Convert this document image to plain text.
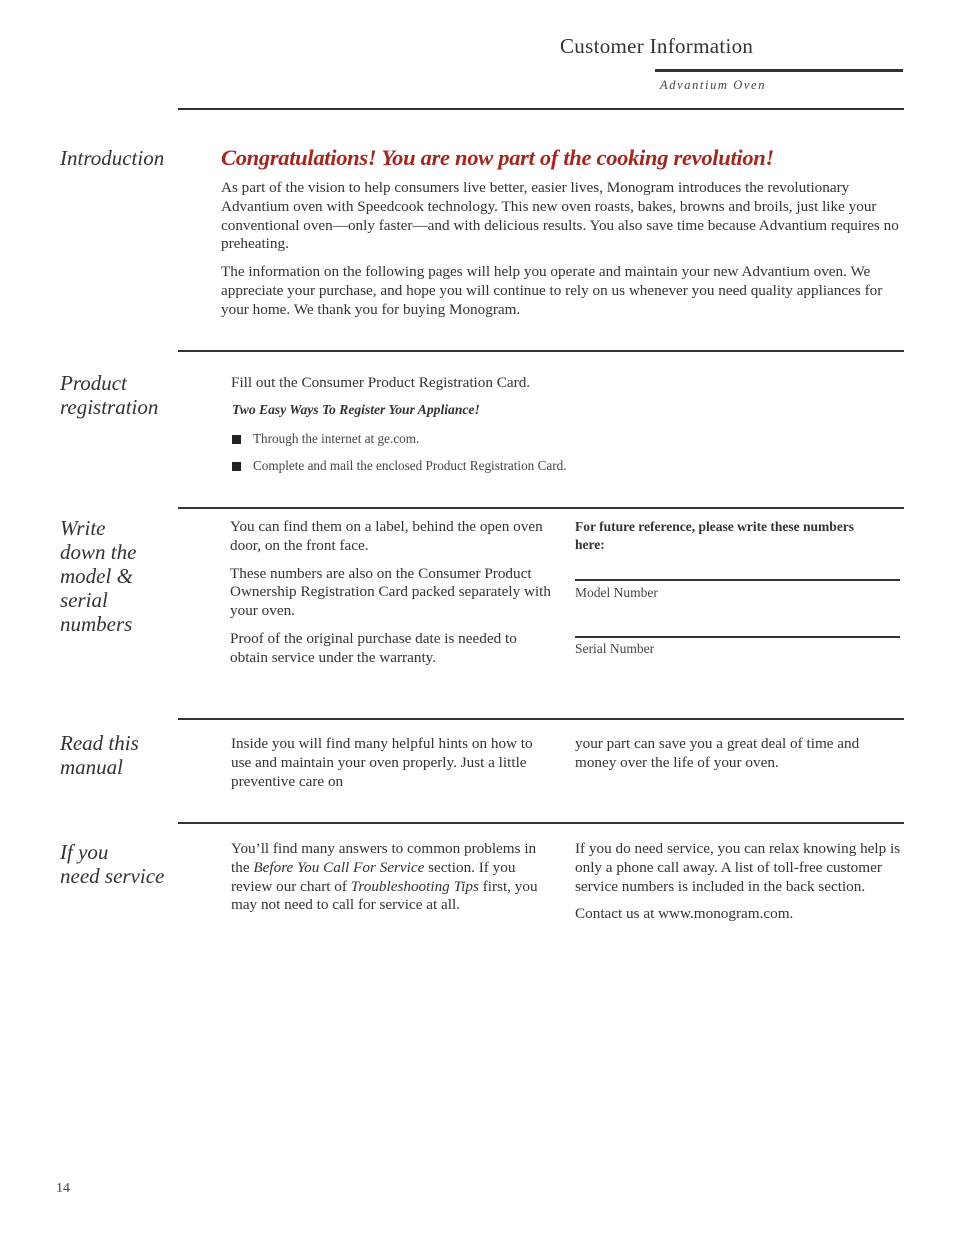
Customer Information
Advantium Oven
Introduction	Congratulations! You are now part of the cooking revolution!

As part of the vision to help consumers live better, easier lives, Monogram introduces the revolutionary Advantium oven with Speedcook technology. This new oven roasts, bakes, browns and broils, just like your conventional oven—only faster—and with delicious results. You also save time because Advantium requires no preheating.

The information on the following pages will help you operate and maintain your new Advantium oven. We appreciate your purchase, and hope you will continue to rely on us whenever you need quality appliances for your home. We thank you for buying Monogram.

Product
registration
Fill out the Consumer Product Registration Card.
Two Easy Ways To Register Your Appliance!
Through the internet at ge.com.
Complete and mail the enclosed Product Registration Card.
Write
down the
model &
serial
numbers

You can find them on a label, behind the open oven door, on the front face.

These numbers are also on the Consumer Product Ownership Registration Card packed separately with your oven.

Proof of the original purchase date is needed to obtain service under the warranty.

For future reference, please write these numbers here:
Model Number
Serial Number
Read this
manual
Inside you will find many helpful hints on how to use and maintain your oven properly. Just a little preventive care on
your part can save you a great deal of time and money over the life of your oven.
If you
need service
You’ll find many answers to common problems in the Before You Call For Service section. If you review our chart of Troubleshooting Tips first, you may not need to call for service at all.

If you do need service, you can relax knowing help is only a phone call away. A list of toll-free customer service numbers is included in the back section.

Contact us at www.monogram.com.

14
